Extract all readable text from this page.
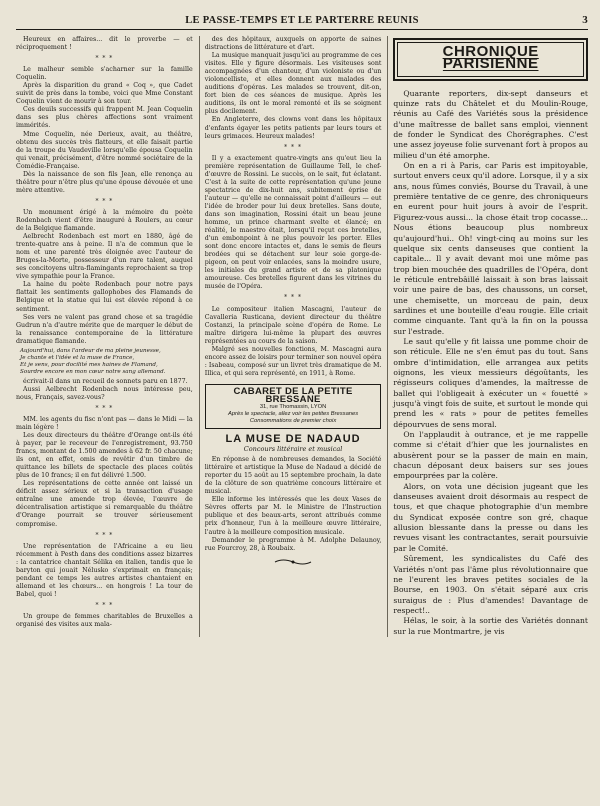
LE PASSE-TEMPS ET LE PARTERRE REUNIS	3

Heureux en affaires... dit le proverbe — et réciproquement !

* * *

Le malheur semble s'acharner sur la famille Coquelin.

Après la disparition du grand « Coq », que Cadet suivit de près dans la tombe, voici que Mme Constant Coquelin vient de mourir à son tour.

Ces deuils successifs qui frappent M. Jean Coquelin dans ses plus chères affections sont vraiment immérités.

Mme Coquelin, née Derieux, avait, au théâtre, obtenu des succès très flatteurs, et elle faisait partie de la troupe du Vaudeville lorsqu'elle épousa Coquelin qui venait, précisément, d'être nommé sociétaire de la Comédie-Française.

Dès la naissance de son fils Jean, elle renonça au théâtre pour n'être plus qu'une épouse dévouée et une mère attentive.

* * *

Un monument érigé à la mémoire du poète Rodenbach vient d'être inauguré à Roulers, au cœur de la Belgique flamande.

Aelbrecht Rodenbach est mort en 1880, âgé de trente-quatre ans à peine. Il n'a de commun que le nom et une parenté très éloignée avec l'auteur de Bruges-la-Morte, possesseur d'un rare talent, auquel ses concitoyens ultra-flamingants reprochaient sa trop vive sympathie pour la France.

La haine du poète Rodenbach pour notre pays flattait les sentiments gallophobes des Flamands de Belgique et la statue qui lui est élevée répond à ce sentiment.

Ses vers ne valent pas grand chose et sa tragédie Gudrun n'a d'autre mérite que de marquer le début de la renaissance contemporaine de la littérature dramatique flamande.

Aujourd'hui, dans l'ardeur de ma pleine jeunesse,
Je chante et l'idée et la muse de France,
Et je sens, pour docilité mes haines de Flamand,
Sourdre encore en mon cœur notre sang allemand.

écrivait-il dans un recueil de sonnets paru en 1877.

Aussi Aelbrecht Rodenbach nous intéresse peu, nous, Français, savez-vous?

* * *

MM. les agents du fisc n'ont pas — dans le Midi — la main légère !

Les deux directeurs du théâtre d'Orange ont-ils été à payer, par le receveur de l'enregistrement, 93.750 francs, montant de 1.500 amendes à 62 fr. 50 chacune; ils ont, en effet, omis de revêtir d'un timbre de quittance les billets de spectacle des places coûtés plus de 10 francs; il en fut délivré 1.500.

Les représentations de cette année ont laissé un déficit assez sérieux et si la transaction d'usage entraîne une amende trop élevée, l'œuvre de décentralisation artistique si remarquable du théâtre d'Orange pourrait se trouver sérieusement compromise.

* * *

Une représentation de l'Africaine a eu lieu récemment à Pesth dans des conditions assez bizarres : la cantatrice chantait Sélika en italien, tandis que le baryton qui jouait Nélusko s'exprimait en français; pendant ce temps les autres artistes chantaient en allemand et les chœurs... en hongrois ! La tour de Babel, quoi !

* * *

Un groupe de femmes charitables de Bruxelles a organisé des visites aux mala-

des des hôpitaux, auxquels on apporte de saines distractions de littérature et d'art.

La musique manquait jusqu'ici au programme de ces visites. Elle y figure désormais. Les visiteuses sont accompagnées d'un chanteur, d'un violoniste ou d'un violoncelliste, et elles donnent aux malades des auditions d'opéras. Les malades se trouvent, dit-on, fort bien de ces séances de musique. Après les auditions, ils ont le moral remonté et ils se soignent plus docilement.

En Angleterre, des clowns vont dans les hôpitaux d'enfants égayer les petits patients par leurs tours et leurs grimaces. Heureux malades!

* * *

Il y a exactement quatre-vingts ans qu'eut lieu la première représentation de Guillaume Tell, le chef-d'œuvre de Rossini. Le succès, on le sait, fut éclatant. C'est à la suite de cette représentation qu'une jeune spectatrice de dix-huit ans, subitement éprise de l'auteur — qu'elle ne connaissait point d'ailleurs — eut l'idée de broder pour lui deux bretelles. Sans doute, dans son imagination, Rossini était un beau jeune homme, un prince charmant svelte et élancé; en réalité, le maestro était, lorsqu'il reçut ces bretelles, d'un embonpoint à ne plus pouvoir les porter. Elles sont donc encore intactes et, dans le semis de fleurs brodées qui se détachent sur leur soie gorge-de-pigeon, on peut voir enlacées, sans la moindre usure, les initiales du grand artiste et de sa platonique amoureuse. Ces bretelles figurent dans les vitrines du musée de l'Opéra.

* * *

Le compositeur italien Mascagni, l'auteur de Cavalleria Rusticana, devient directeur du théâtre Costanzi, la principale scène d'opéra de Rome. Le maître dirigera lui-même la plupart des œuvres représentées au cours de la saison.

Malgré ses nouvelles fonctions, M. Mascagni aura encore assez de loisirs pour terminer son nouvel opéra : Isabeau, composé sur un livret très dramatique de M. Illica, et qui sera représenté, en 1911, à Rome.

CABARET DE LA PETITE BRESSANE
31, rue Thomassin, LYON
Après le spectacle, allez voir les petites Bressanes
Consommations de premier choix
LA MUSE DE NADAUD
Concours littéraire et musical

En réponse à de nombreuses demandes, la Société littéraire et artistique la Muse de Nadaud a décidé de reporter du 15 août au 15 septembre prochain, la date de la clôture de son quatrième concours littéraire et musical.

Elle informe les intéressés que les deux Vases de Sèvres offerts par M. le Ministre de l'Instruction publique et des beaux-arts, seront attribués comme prix d'honneur, l'un à la meilleure œuvre littéraire, l'autre à la meilleure composition musicale.

Demander le programme à M. Adolphe Delaunoy, rue Fourcroy, 28, à Roubaix.

CHRONIQUE PARISIENNE

Quarante reporters, dix-sept danseurs et quinze rats du Châtelet et du Moulin-Rouge, réunis au Café des Variétés sous la présidence d'une maîtresse de ballet sans emploi, viennent de fonder le Syndicat des Chorégraphes. C'est une assez joyeuse folie survenant fort à propos au milieu d'un été amorphe.

On en a ri à Paris, car Paris est impitoyable, surtout envers ceux qu'il adore. Lorsque, il y a six ans, nous fûmes conviés, Bourse du Travail, à une première tentative de ce genre, des chroniqueurs en eurent pour huit jours à avoir de l'esprit. Figurez-vous aussi... la chose était trop cocasse... Nous étions beaucoup plus nombreux qu'aujourd'hui.. Oh! vingt-cinq au moins sur les quelque six cents danseuses que contient la capitale... Il y avait devant moi une môme pas trop bien mouchée des quadrilles de l'Opéra, dont le réticule entrebâillé laissait à son bras laissait voir une paire de bas, des chaussons, un corset, une chemisette, un morceau de pain, deux sardines et une bouteille d'eau rougie. Elle criait comme cinquante. Tant qu'à la fin on la poussa sur l'estrade.

Le saut qu'elle y fit laissa une pomme choir de son réticule. Elle ne s'en émut pas du tout. Sans ombre d'intimidation, elle arrangea aux petits oignons, les vieux messieurs dégoûtants, les régisseurs coliques d'amendes, la maîtresse de ballet qui l'obligeait à exécuter un « fouetté » jusqu'à vingt fois de suite, et surtout le monde qui prend les « rats » pour de petites femelles dépourvues de sens moral.

On l'applaudit à outrance, et je me rappelle comme si c'était d'hier que les journalistes en abusèrent pour se la passer de main en main, chacun déposant deux baisers sur ses joues empourprées par la colère.

Alors, on vota une décision jugeant que les danseuses avaient droit désormais au respect de tous, et que chaque photographie d'un membre du Syndicat exposée contre son gré, chaque allusion blessante dans la presse ou dans les revues visant les contractantes, serait poursuivie par le Comité.

Sûrement, les syndicalistes du Café des Variétés n'ont pas l'âme plus révolutionnaire que ne l'eurent les braves petites sociales de la Bourse, en 1903. On s'était séparé aux cris suraigus de : Plus d'amendes! Davantage de respect!..

Hélas, le soir, à la sortie des Variétés donnant sur la rue Montmartre, je vis
